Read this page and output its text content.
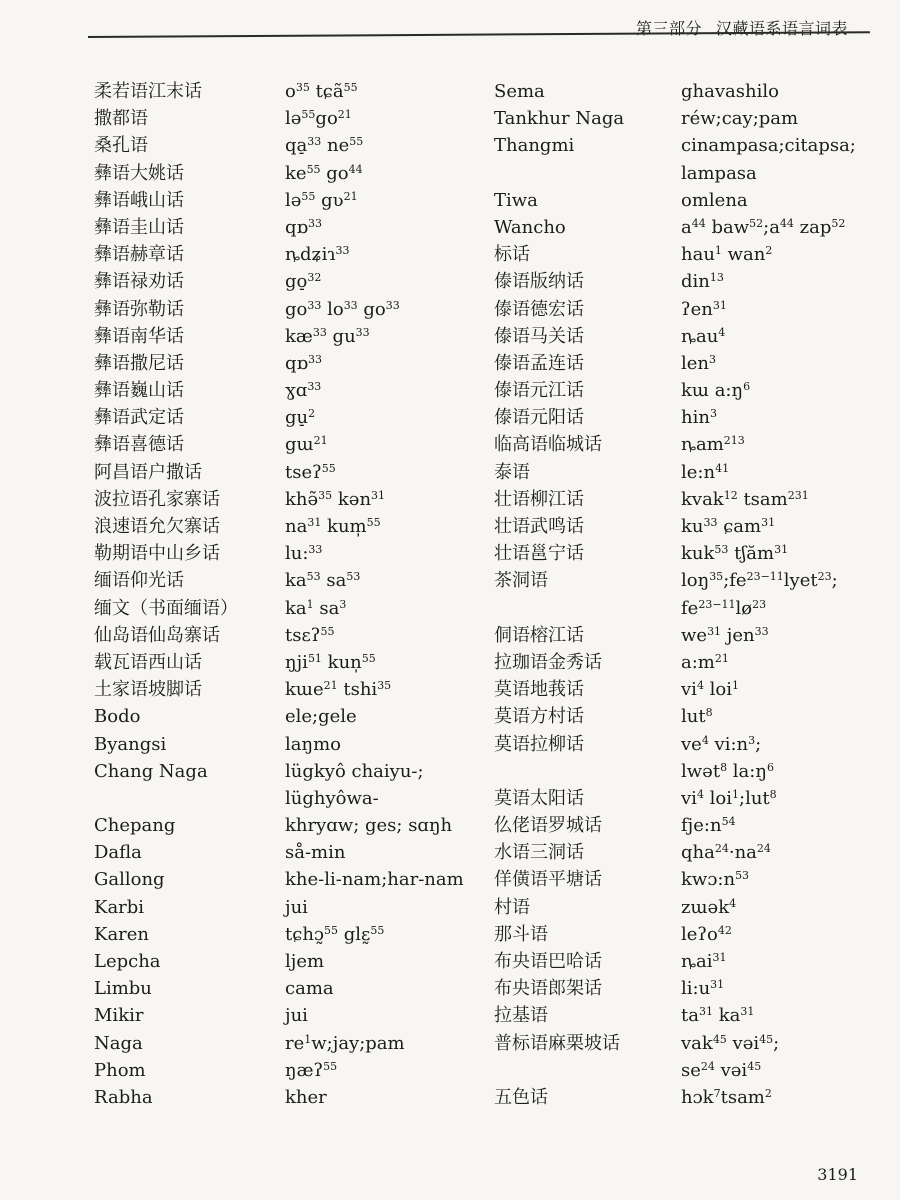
第三部分 汉藏语系语言词表
柔若语江末话
撒都语
桑孔语
彝语大姚话
彝语峨山话
彝语圭山话
彝语赫章话
彝语禄劝话
彝语弥勒话
彝语南华话
彝语撒尼话
彝语巍山话
彝语武定话
彝语喜德话
阿昌语户撒话
波拉语孔家寨话
浪速语允欠寨话
勒期语中山乡话
缅语仰光话
缅文（书面缅语）
仙岛语仙岛寨话
载瓦语西山话
土家语坡脚话
Bodo
Byangsi
Chang Naga
Chepang
Dafla
Gallong
Karbi
Karen
Lepcha
Limbu
Mikir
Naga
Phom
Rabha
$o^{35}$ tɕã$^{55}$
$lə^{55}go^{21}$
qa̠$^{33}$ $ne^{55}$
$ke^{55}$ $go^{44}$
lə$^{55}$ gʋ$^{21}$
qɒ$^{33}$
ȵdʑiɿ$^{33}$
go̠$^{32}$
$go^{33}$ $lo^{33}$ $go^{33}$
$kæ^{33}$ $gu^{33}$
qɒ$^{33}$
ɣɑ$^{33}$
gu̠$^2$
gɯ$^{21}$
tseʔ$^{55}$
khə̃$^{35}$ kən$^{31}$
$na^{31}$ kum̩$^{55}$
lu:$^{33}$
$ka^{53}$ $sa^{53}$
$ka^1$ $sa^3$
tsɛʔ$^{55}$
ŋji$^{51}$ kun̩$^{55}$
kɯe$^{21}$ tshi$^{35}$
ele;gele
laŋmo
lügkyô chaiyu-;
lüghyôwa-
khryɑw; ges; sɑŋh
så-min
khe-li-nam;har-nam
jui
tɕhɔ̰$^{55}$ glɛ̰$^{55}$
ljem
cama
jui
$re^1w;jay;pam$
ŋæʔ$^{55}$
kher
Sema
Tankhur Naga
Thangmi
Tiwa
Wancho
标话
傣语版纳话
傣语德宏话
傣语马关话
傣语孟连话
傣语元江话
傣语元阳话
临高语临城话
泰语
壮语柳江话
壮语武鸣话
壮语邕宁话
茶洞语
侗语榕江话
拉珈语金秀话
莫语地莪话
莫语方村话
莫语拉柳话
莫语太阳话
仫佬语罗城话
水语三洞话
佯僙语平塘话
村语
那斗语
布央语巴哈话
布央语郎架话
拉基语
普标语麻栗坡话
五色话
ghavashilo
réw;cay;pam
cinampasa;citapsa;
lampasa
omlena
$a^{44}$ $baw^{52};a^{44}$ zap$^{52}$
hau$^1$ wan$^2$
din$^{13}$
ʔen$^{31}$
ȵau$^4$
len$^3$
kɯ $a:ŋ^6$
hin$^3$
ȵam$^{213}$
$le:n^{41}$
kvak$^{12}$ tsam$^{231}$
$ku^{33}$ ɕam$^{31}$
kuk$^{53}$ tʃăm$^{31}$
$loŋ^{35};fe^{23-11}lyet^{23}$;
$fe^{23-11}lø^{23}$
$we^{31}$ jen$^{33}$
$a:m^{21}$
$vi^4$ loi$^1$
lut$^8$
$ve^4$ $vi:n^3$;
lwət$^8$ $la:ŋ^6$
$vi^4$ loi$^1$;lut$^8$
$fje:n^{54}$
$qha^{24}\cdot na^{24}$
$kwɔ:n^{53}$
zɯək$^4$
leʔo$^{42}$
ȵai$^{31}$
$li:u^{31}$
$ta^{31}$ $ka^{31}$
vak$^{45}$ vəi$^{45}$;
$se^{24}$ vəi$^{45}$
hɔk$^7$tsam$^2$
3191
